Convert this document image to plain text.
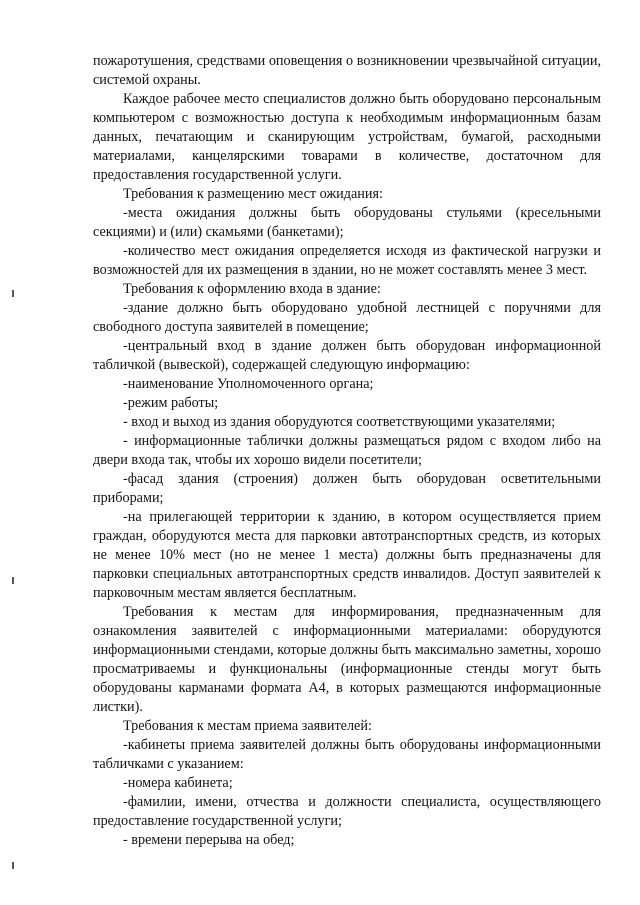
пожаротушения, средствами оповещения о возникновении чрезвычайной ситуации, системой охраны.

Каждое рабочее место специалистов должно быть оборудовано персональным компьютером с возможностью доступа к необходимым информационным базам данных, печатающим и сканирующим устройствам, бумагой, расходными материалами, канцелярскими товарами в количестве, достаточном для предоставления государственной услуги.

Требования к размещению мест ожидания:

-места ожидания должны быть оборудованы стульями (кресельными секциями) и (или) скамьями (банкетами);

-количество мест ожидания определяется исходя из фактической нагрузки и возможностей для их размещения в здании, но не может составлять менее 3 мест.

Требования к оформлению входа в здание:

-здание должно быть оборудовано удобной лестницей с поручнями для свободного доступа заявителей в помещение;

-центральный вход в здание должен быть оборудован информационной табличкой (вывеской), содержащей следующую информацию:

-наименование Уполномоченного органа;

-режим работы;

- вход и выход из здания оборудуются соответствующими указателями;

- информационные таблички должны размещаться рядом с входом либо на двери входа так, чтобы их хорошо видели посетители;

-фасад здания (строения) должен быть оборудован осветительными приборами;

-на прилегающей территории к зданию, в котором осуществляется прием граждан, оборудуются места для парковки автотранспортных средств, из которых не менее 10% мест (но не менее 1 места) должны быть предназначены для парковки специальных автотранспортных средств инвалидов. Доступ заявителей к парковочным местам является бесплатным.

Требования к местам для информирования, предназначенным для ознакомления заявителей с информационными материалами: оборудуются информационными стендами, которые должны быть максимально заметны, хорошо просматриваемы и функциональны (информационные стенды могут быть оборудованы карманами формата А4, в которых размещаются информационные листки).

Требования к местам приема заявителей:

-кабинеты приема заявителей должны быть оборудованы информационными табличками с указанием:

-номера кабинета;

-фамилии, имени, отчества и должности специалиста, осуществляющего предоставление государственной услуги;

- времени перерыва на обед;
